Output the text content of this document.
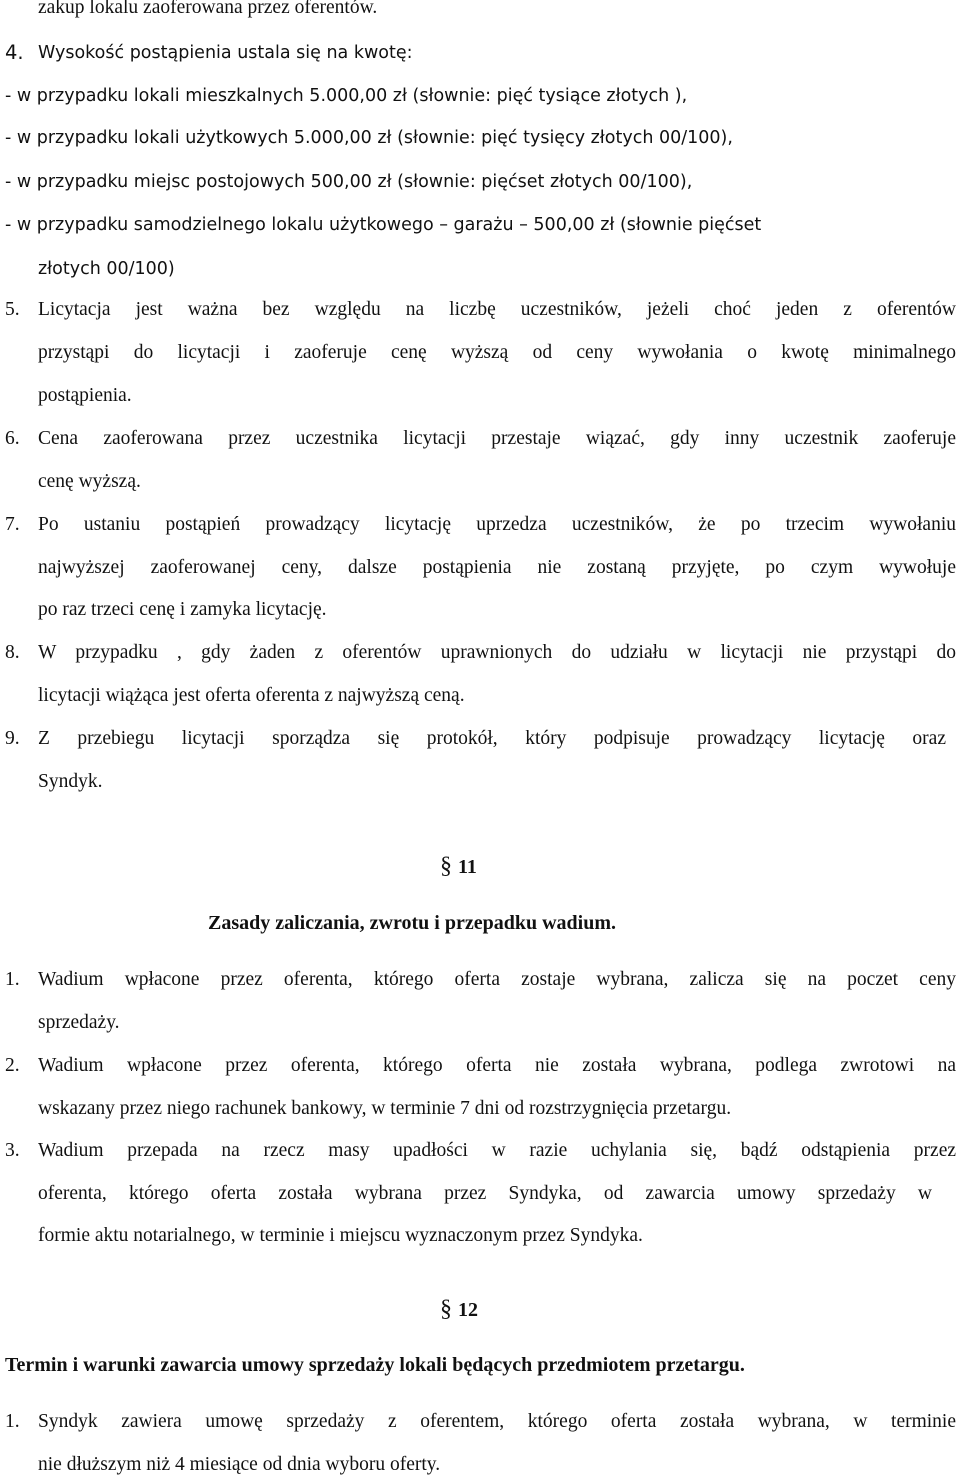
zakup lokalu zaoferowana przez oferentów.

4. Wysokość postąpienia ustala się na kwotę:

- w przypadku lokali mieszkalnych 5.000,00 zł (słownie: pięć tysiące złotych ),

- w przypadku lokali użytkowych 5.000,00 zł (słownie: pięć tysięcy złotych 00/100),

- w przypadku miejsc postojowych 500,00 zł (słownie: pięćset złotych 00/100),

- w przypadku samodzielnego lokalu użytkowego – garażu – 500,00 zł (słownie pięćset

złotych 00/100)

5. Licytacja jest ważna bez względu na liczbę uczestników, jeżeli choć jeden z oferentów

przystąpi do licytacji i zaoferuje cenę wyższą od ceny wywołania o kwotę minimalnego

postąpienia.

6. Cena zaoferowana przez uczestnika licytacji przestaje wiązać, gdy inny uczestnik zaoferuje

cenę wyższą.

7. Po ustaniu postąpień prowadzący licytację uprzedza uczestników, że po trzecim wywołaniu

najwyższej zaoferowanej ceny, dalsze postąpienia nie zostaną przyjęte, po czym wywołuje

po raz trzeci cenę i zamyka licytację.

8. W przypadku , gdy żaden z oferentów uprawnionych do udziału w licytacji nie przystąpi do

licytacji wiążąca jest oferta oferenta z najwyższą ceną.

9. Z przebiegu licytacji sporządza się protokół, który podpisuje prowadzący licytację oraz

Syndyk.

§ 11

Zasady zaliczania, zwrotu i przepadku wadium.

1. Wadium wpłacone przez oferenta, którego oferta zostaje wybrana, zalicza się na poczet ceny

sprzedaży.

2. Wadium wpłacone przez oferenta, którego oferta nie została wybrana, podlega zwrotowi na

wskazany przez niego rachunek bankowy, w terminie 7 dni od rozstrzygnięcia przetargu.

3. Wadium przepada na rzecz masy upadłości w razie uchylania się, bądź odstąpienia przez

oferenta, którego oferta została wybrana przez Syndyka, od zawarcia umowy sprzedaży w

formie aktu notarialnego, w terminie i miejscu wyznaczonym przez Syndyka.

§ 12

Termin i warunki zawarcia umowy sprzedaży lokali będących przedmiotem przetargu.

1. Syndyk zawiera umowę sprzedaży z oferentem, którego oferta została wybrana, w terminie

nie dłuższym niż 4 miesiące od dnia wyboru oferty.
